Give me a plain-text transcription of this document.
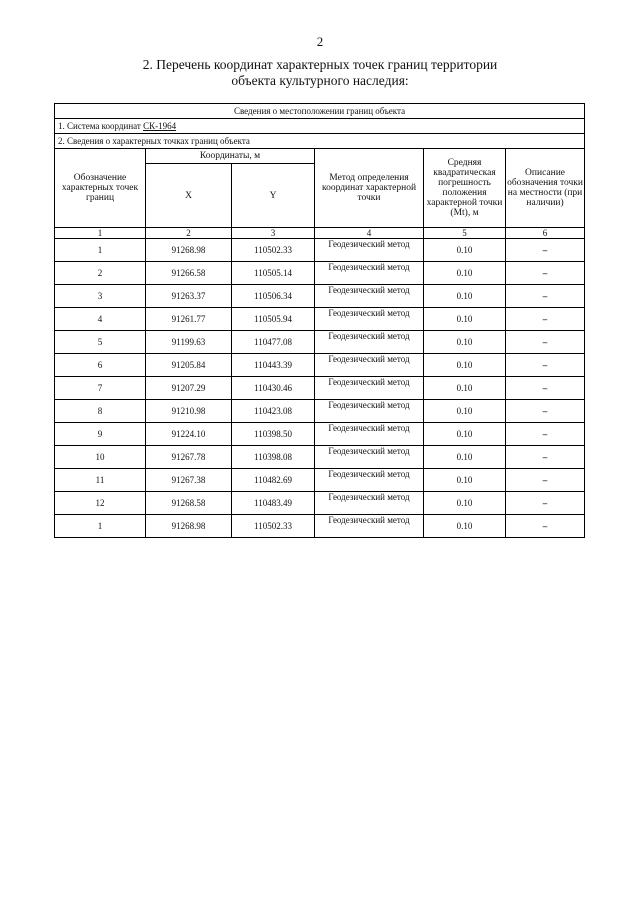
2
2. Перечень координат характерных точек границ территории
объекта культурного наследия:
Сведения о местоположении границ объекта					
1. Система координат СК-1964					
2. Сведения о характерных точках границ объекта					
Обозначение характерных точек границ	Координаты, м		Метод определения координат характерной точки	Средняя квадратическая погрешность положения характерной точки (Mt), м	Описание обозначения точки на местности (при наличии)
	X	Y			
1	2	3	4	5	6
1	91268.98	110502.33	Геодезический метод	0.10	–
2	91266.58	110505.14	Геодезический метод	0.10	–
3	91263.37	110506.34	Геодезический метод	0.10	–
4	91261.77	110505.94	Геодезический метод	0.10	–
5	91199.63	110477.08	Геодезический метод	0.10	–
6	91205.84	110443.39	Геодезический метод	0.10	–
7	91207.29	110430.46	Геодезический метод	0.10	–
8	91210.98	110423.08	Геодезический метод	0.10	–
9	91224.10	110398.50	Геодезический метод	0.10	–
10	91267.78	110398.08	Геодезический метод	0.10	–
11	91267.38	110482.69	Геодезический метод	0.10	–
12	91268.58	110483.49	Геодезический метод	0.10	–
1	91268.98	110502.33	Геодезический метод	0.10	–
